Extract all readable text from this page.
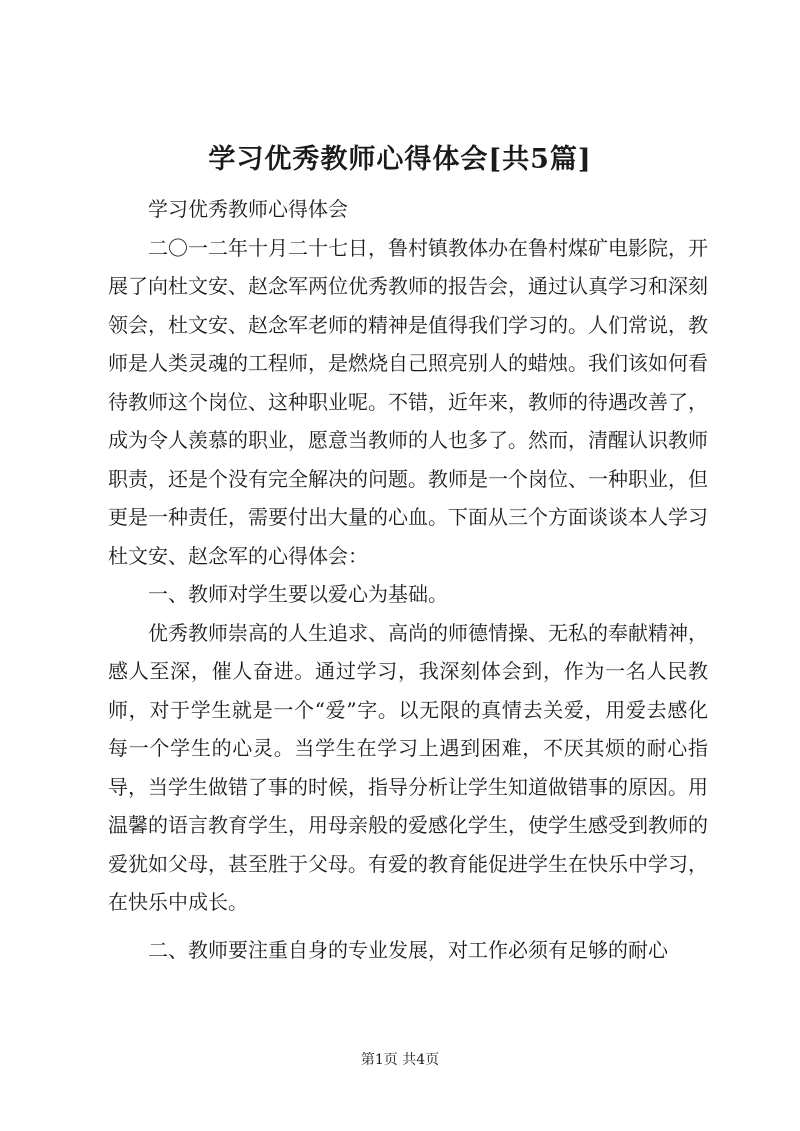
学习优秀教师心得体会[共5篇]

学习优秀教师心得体会

二〇一二年十月二十七日，鲁村镇教体办在鲁村煤矿电影院，开展了向杜文安、赵念军两位优秀教师的报告会，通过认真学习和深刻领会，杜文安、赵念军老师的精神是值得我们学习的。人们常说，教师是人类灵魂的工程师，是燃烧自己照亮别人的蜡烛。我们该如何看待教师这个岗位、这种职业呢。不错，近年来，教师的待遇改善了，成为令人羡慕的职业，愿意当教师的人也多了。然而，清醒认识教师职责，还是个没有完全解决的问题。教师是一个岗位、一种职业，但更是一种责任，需要付出大量的心血。下面从三个方面谈谈本人学习杜文安、赵念军的心得体会：

一、教师对学生要以爱心为基础。

优秀教师崇高的人生追求、高尚的师德情操、无私的奉献精神，感人至深，催人奋进。通过学习，我深刻体会到，作为一名人民教师，对于学生就是一个“爱”字。以无限的真情去关爱，用爱去感化每一个学生的心灵。当学生在学习上遇到困难，不厌其烦的耐心指导，当学生做错了事的时候，指导分析让学生知道做错事的原因。用温馨的语言教育学生，用母亲般的爱感化学生，使学生感受到教师的爱犹如父母，甚至胜于父母。有爱的教育能促进学生在快乐中学习，在快乐中成长。

二、教师要注重自身的专业发展，对工作必须有足够的耐心

第1页 共4页
